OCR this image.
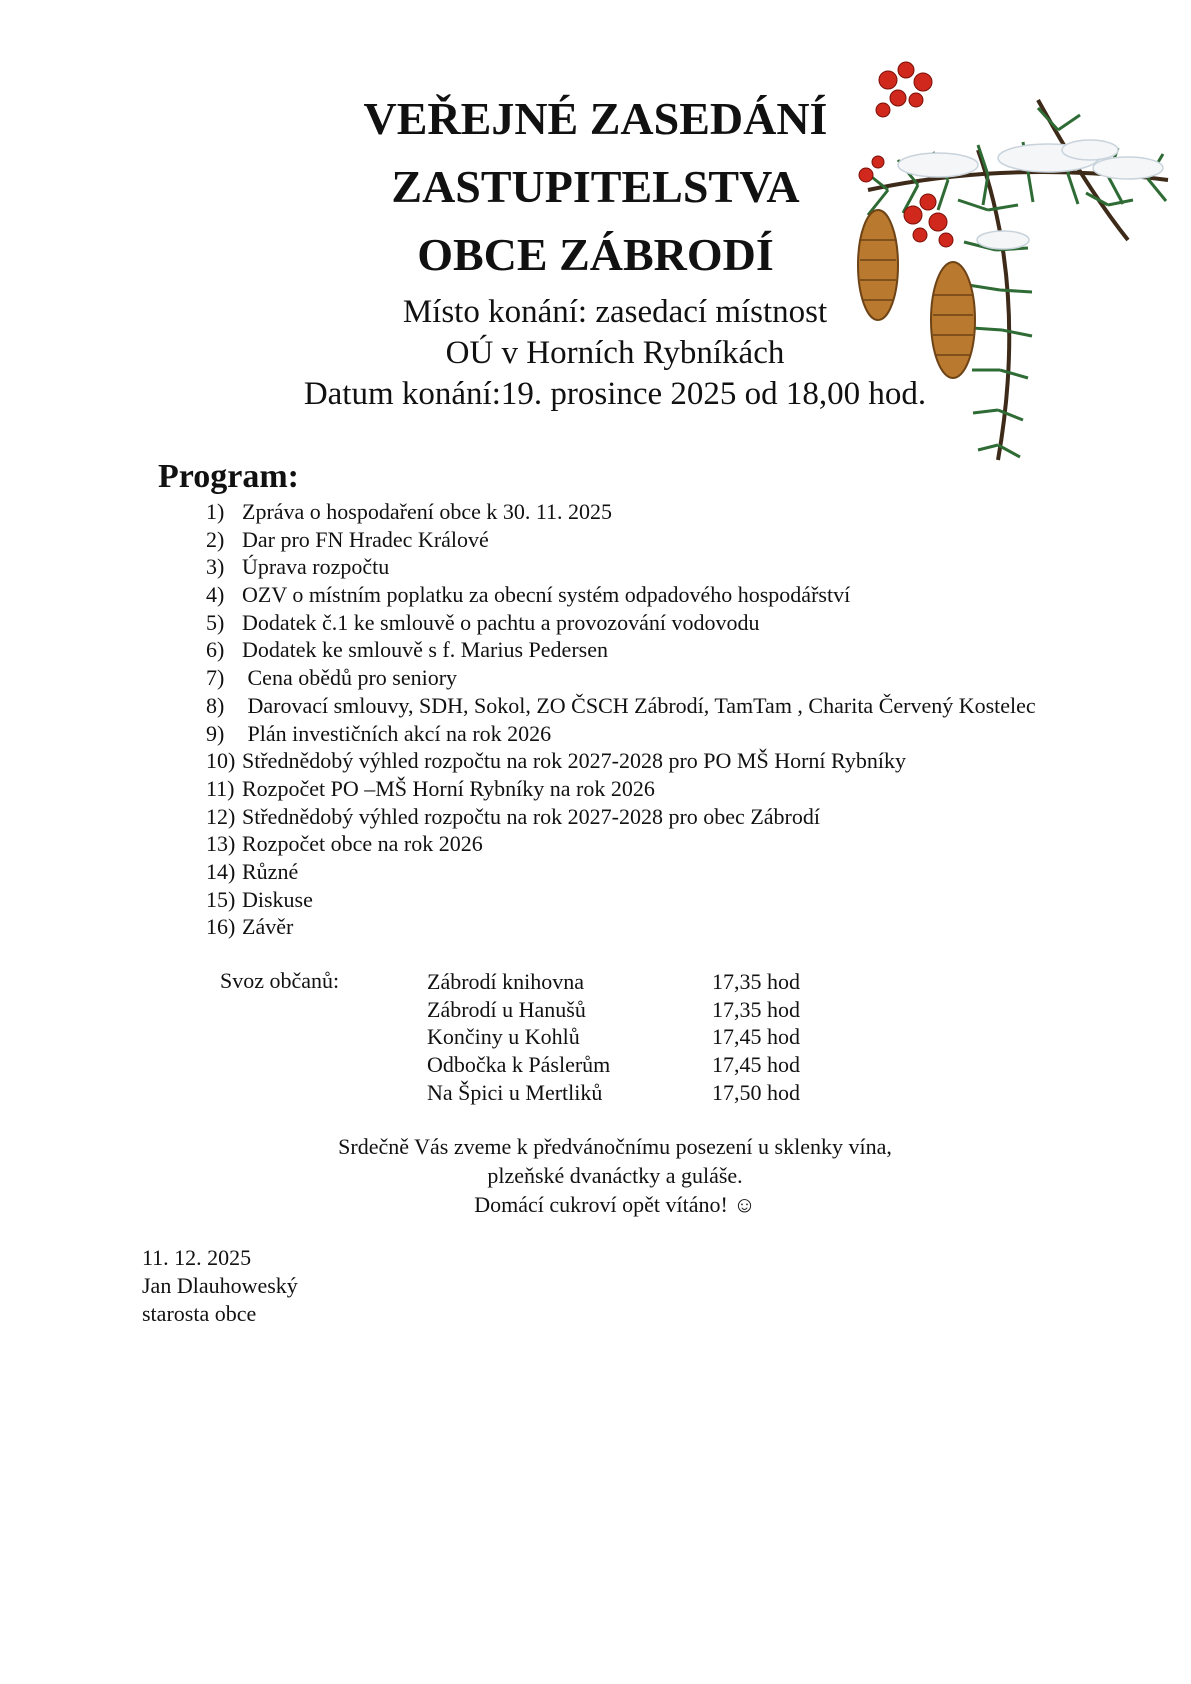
VEŘEJNÉ ZASEDÁNÍ
ZASTUPITELSTVA
OBCE ZÁBRODÍ
Místo konání: zasedací místnost
OÚ v Horních Rybníkách
Datum konání:19. prosince 2025 od 18,00 hod.
Program:
1) Zpráva o hospodaření obce k 30. 11. 2025
2) Dar pro FN Hradec Králové
3) Úprava rozpočtu
4) OZV o místním poplatku za obecní systém odpadového hospodářství
5) Dodatek č.1 ke smlouvě o pachtu a provozování vodovodu
6) Dodatek ke smlouvě s f. Marius Pedersen
7) Cena obědů pro seniory
8) Darovací smlouvy, SDH, Sokol, ZO ČSCH Zábrodí, TamTam , Charita Červený Kostelec
9) Plán investičních akcí na rok 2026
10) Střednědobý výhled rozpočtu na rok 2027-2028 pro PO MŠ Horní Rybníky
11) Rozpočet PO –MŠ Horní Rybníky na rok 2026
12) Střednědobý výhled rozpočtu na rok 2027-2028 pro obec Zábrodí
13) Rozpočet obce na rok 2026
14) Různé
15) Diskuse
16) Závěr
Svoz občanů:	Zábrodí knihovna	17,35 hod
Zábrodí u Hanušů	17,35 hod
Končiny u Kohlů	17,45 hod
Odbočka k Páslerům	17,45 hod
Na Špici u Mertliků	17,50 hod
Srdečně Vás zveme k předvánočnímu posezení u sklenky vína,
plzeňské dvanáctky a guláše.
Domácí cukroví opět vítáno! ☺
11. 12. 2025
Jan Dlauhoweský
starosta obce
